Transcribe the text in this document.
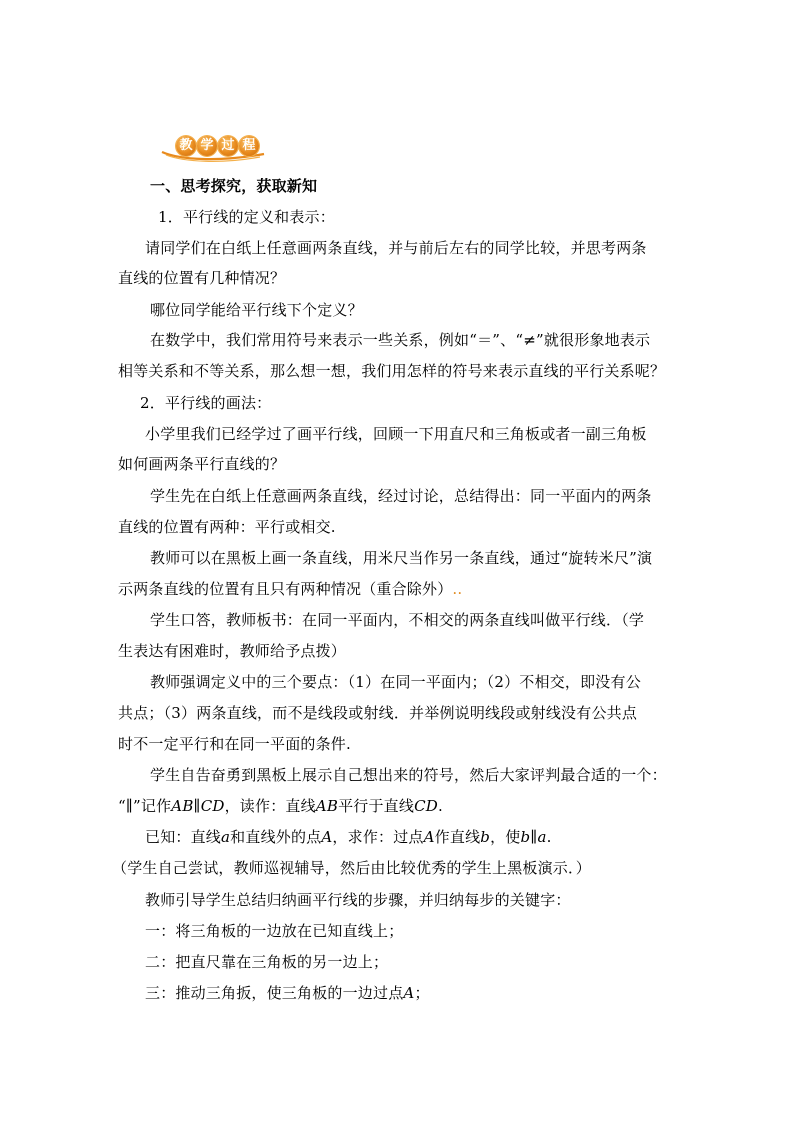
教 学 过 程
一、思考探究，获取新知
1．平行线的定义和表示：
请同学们在白纸上任意画两条直线，并与前后左右的同学比较，并思考两条
直线的位置有几种情况？
哪位同学能给平行线下个定义？
在数学中，我们常用符号来表示一些关系，例如“＝”、“≠”就很形象地表示
相等关系和不等关系，那么想一想，我们用怎样的符号来表示直线的平行关系呢？
2．平行线的画法：
小学里我们已经学过了画平行线，回顾一下用直尺和三角板或者一副三角板
如何画两条平行直线的？
学生先在白纸上任意画两条直线，经过讨论，总结得出：同一平面内的两条
直线的位置有两种：平行或相交.
教师可以在黑板上画一条直线，用米尺当作另一条直线，通过“旋转米尺”演
示两条直线的位置有且只有两种情况（重合除外）..
学生口答，教师板书：在同一平面内，不相交的两条直线叫做平行线．（学
生表达有困难时，教师给予点拨）
教师强调定义中的三个要点：（1）在同一平面内；（2）不相交，即没有公
共点；（3）两条直线，而不是线段或射线．并举例说明线段或射线没有公共点
时不一定平行和在同一平面的条件.
学生自告奋勇到黑板上展示自己想出来的符号，然后大家评判最合适的一个：
“∥”记作AB∥CD，读作：直线AB平行于直线CD.
已知：直线a和直线外的点A，求作：过点A作直线b，使b∥a.
（学生自己尝试，教师巡视辅导，然后由比较优秀的学生上黑板演示．）
教师引导学生总结归纳画平行线的步骤，并归纳每步的关键字：
一：将三角板的一边放在已知直线上；
二：把直尺靠在三角板的另一边上；
三：推动三角扳，使三角板的一边过点A；
